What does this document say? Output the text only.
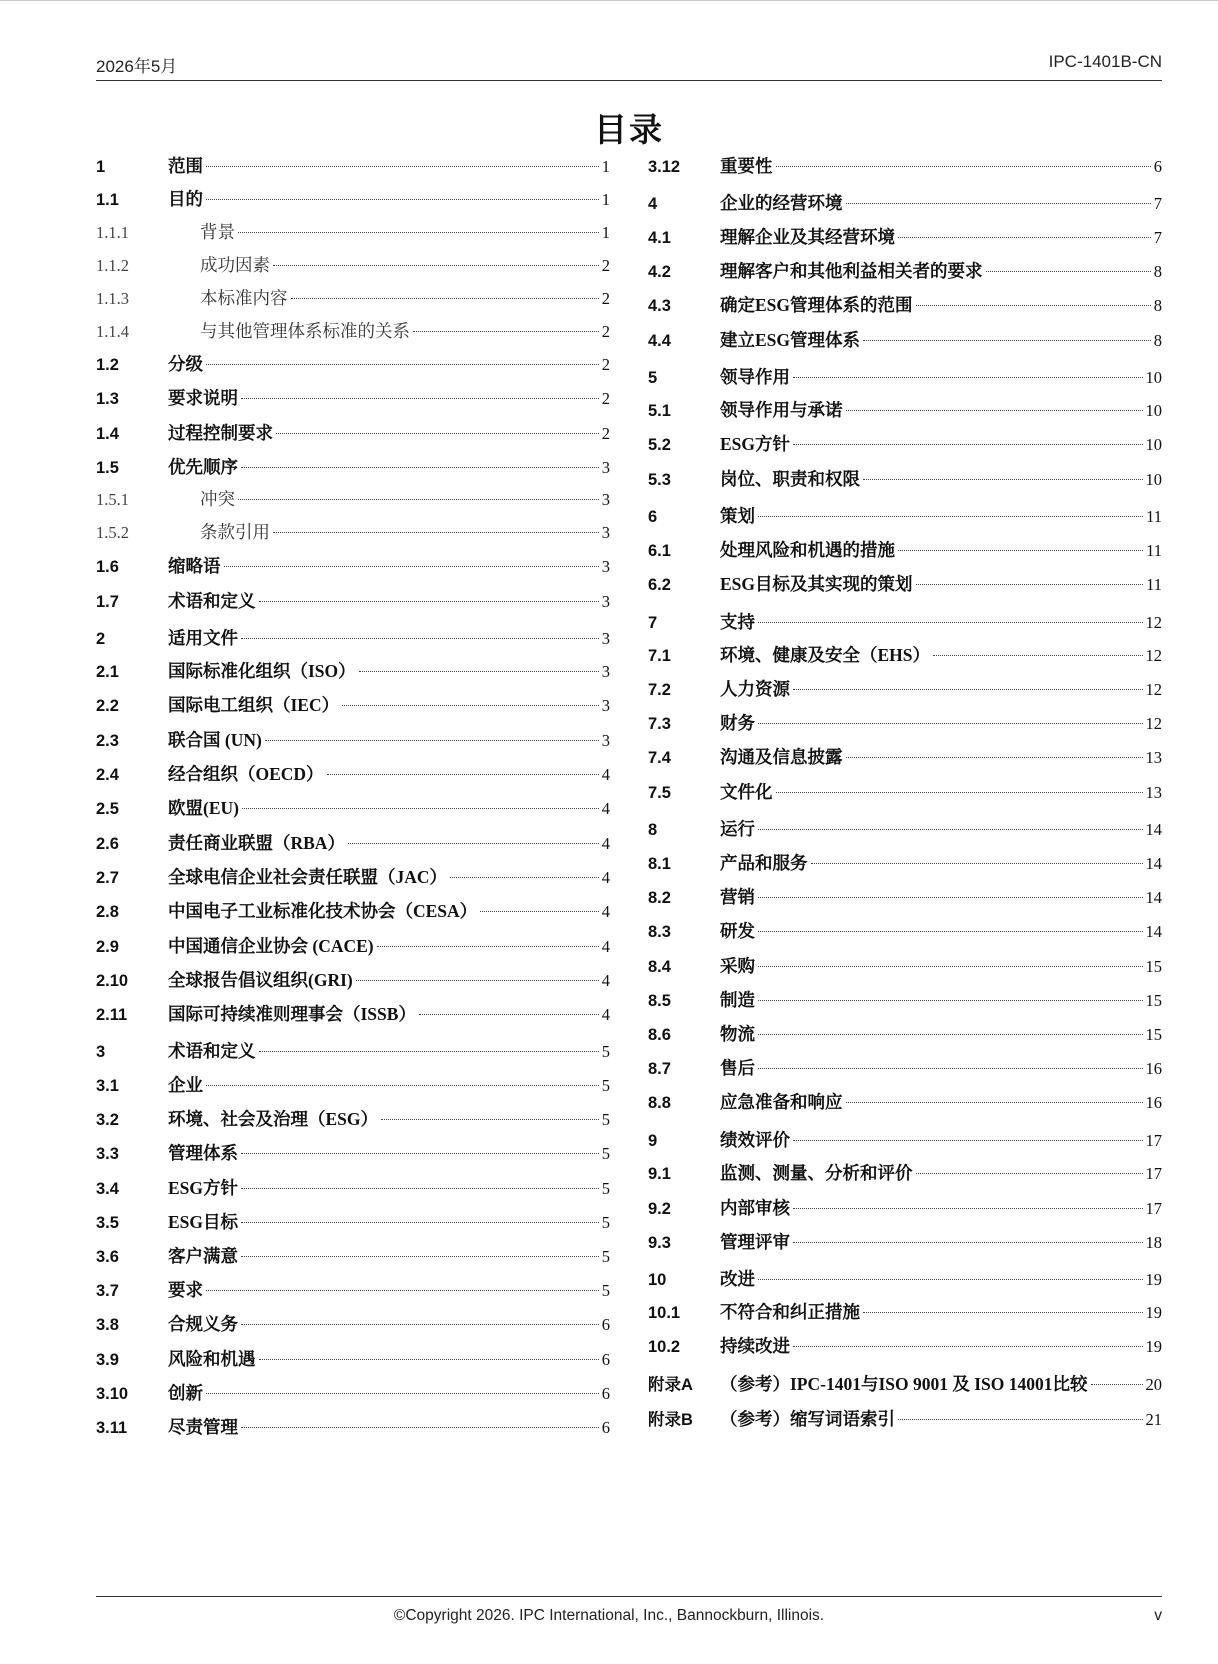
2026年5月	IPC-1401B-CN
目录
1	范围	1
1.1	目的	1
1.1.1	背景	1
1.1.2	成功因素	2
1.1.3	本标准内容	2
1.1.4	与其他管理体系标准的关系	2
1.2	分级	2
1.3	要求说明	2
1.4	过程控制要求	2
1.5	优先顺序	3
1.5.1	冲突	3
1.5.2	条款引用	3
1.6	缩略语	3
1.7	术语和定义	3
2	适用文件	3
2.1	国际标准化组织（ISO）	3
2.2	国际电工组织（IEC）	3
2.3	联合国 (UN)	3
2.4	经合组织（OECD）	4
2.5	欧盟(EU)	4
2.6	责任商业联盟（RBA）	4
2.7	全球电信企业社会责任联盟（JAC）	4
2.8	中国电子工业标准化技术协会（CESA）	4
2.9	中国通信企业协会 (CACE)	4
2.10	全球报告倡议组织(GRI)	4
2.11	国际可持续准则理事会（ISSB）	4
3	术语和定义	5
3.1	企业	5
3.2	环境、社会及治理（ESG）	5
3.3	管理体系	5
3.4	ESG方针	5
3.5	ESG目标	5
3.6	客户满意	5
3.7	要求	5
3.8	合规义务	6
3.9	风险和机遇	6
3.10	创新	6
3.11	尽责管理	6
3.12	重要性	6
4	企业的经营环境	7
4.1	理解企业及其经营环境	7
4.2	理解客户和其他利益相关者的要求	8
4.3	确定ESG管理体系的范围	8
4.4	建立ESG管理体系	8
5	领导作用	10
5.1	领导作用与承诺	10
5.2	ESG方针	10
5.3	岗位、职责和权限	10
6	策划	11
6.1	处理风险和机遇的措施	11
6.2	ESG目标及其实现的策划	11
7	支持	12
7.1	环境、健康及安全（EHS）	12
7.2	人力资源	12
7.3	财务	12
7.4	沟通及信息披露	13
7.5	文件化	13
8	运行	14
8.1	产品和服务	14
8.2	营销	14
8.3	研发	14
8.4	采购	15
8.5	制造	15
8.6	物流	15
8.7	售后	16
8.8	应急准备和响应	16
9	绩效评价	17
9.1	监测、测量、分析和评价	17
9.2	内部审核	17
9.3	管理评审	18
10	改进	19
10.1	不符合和纠正措施	19
10.2	持续改进	19
附录A	（参考）IPC-1401与ISO 9001 及 ISO 14001比较	20
附录B	（参考）缩写词语索引	21
©Copyright 2026. IPC International, Inc., Bannockburn, Illinois.	v
